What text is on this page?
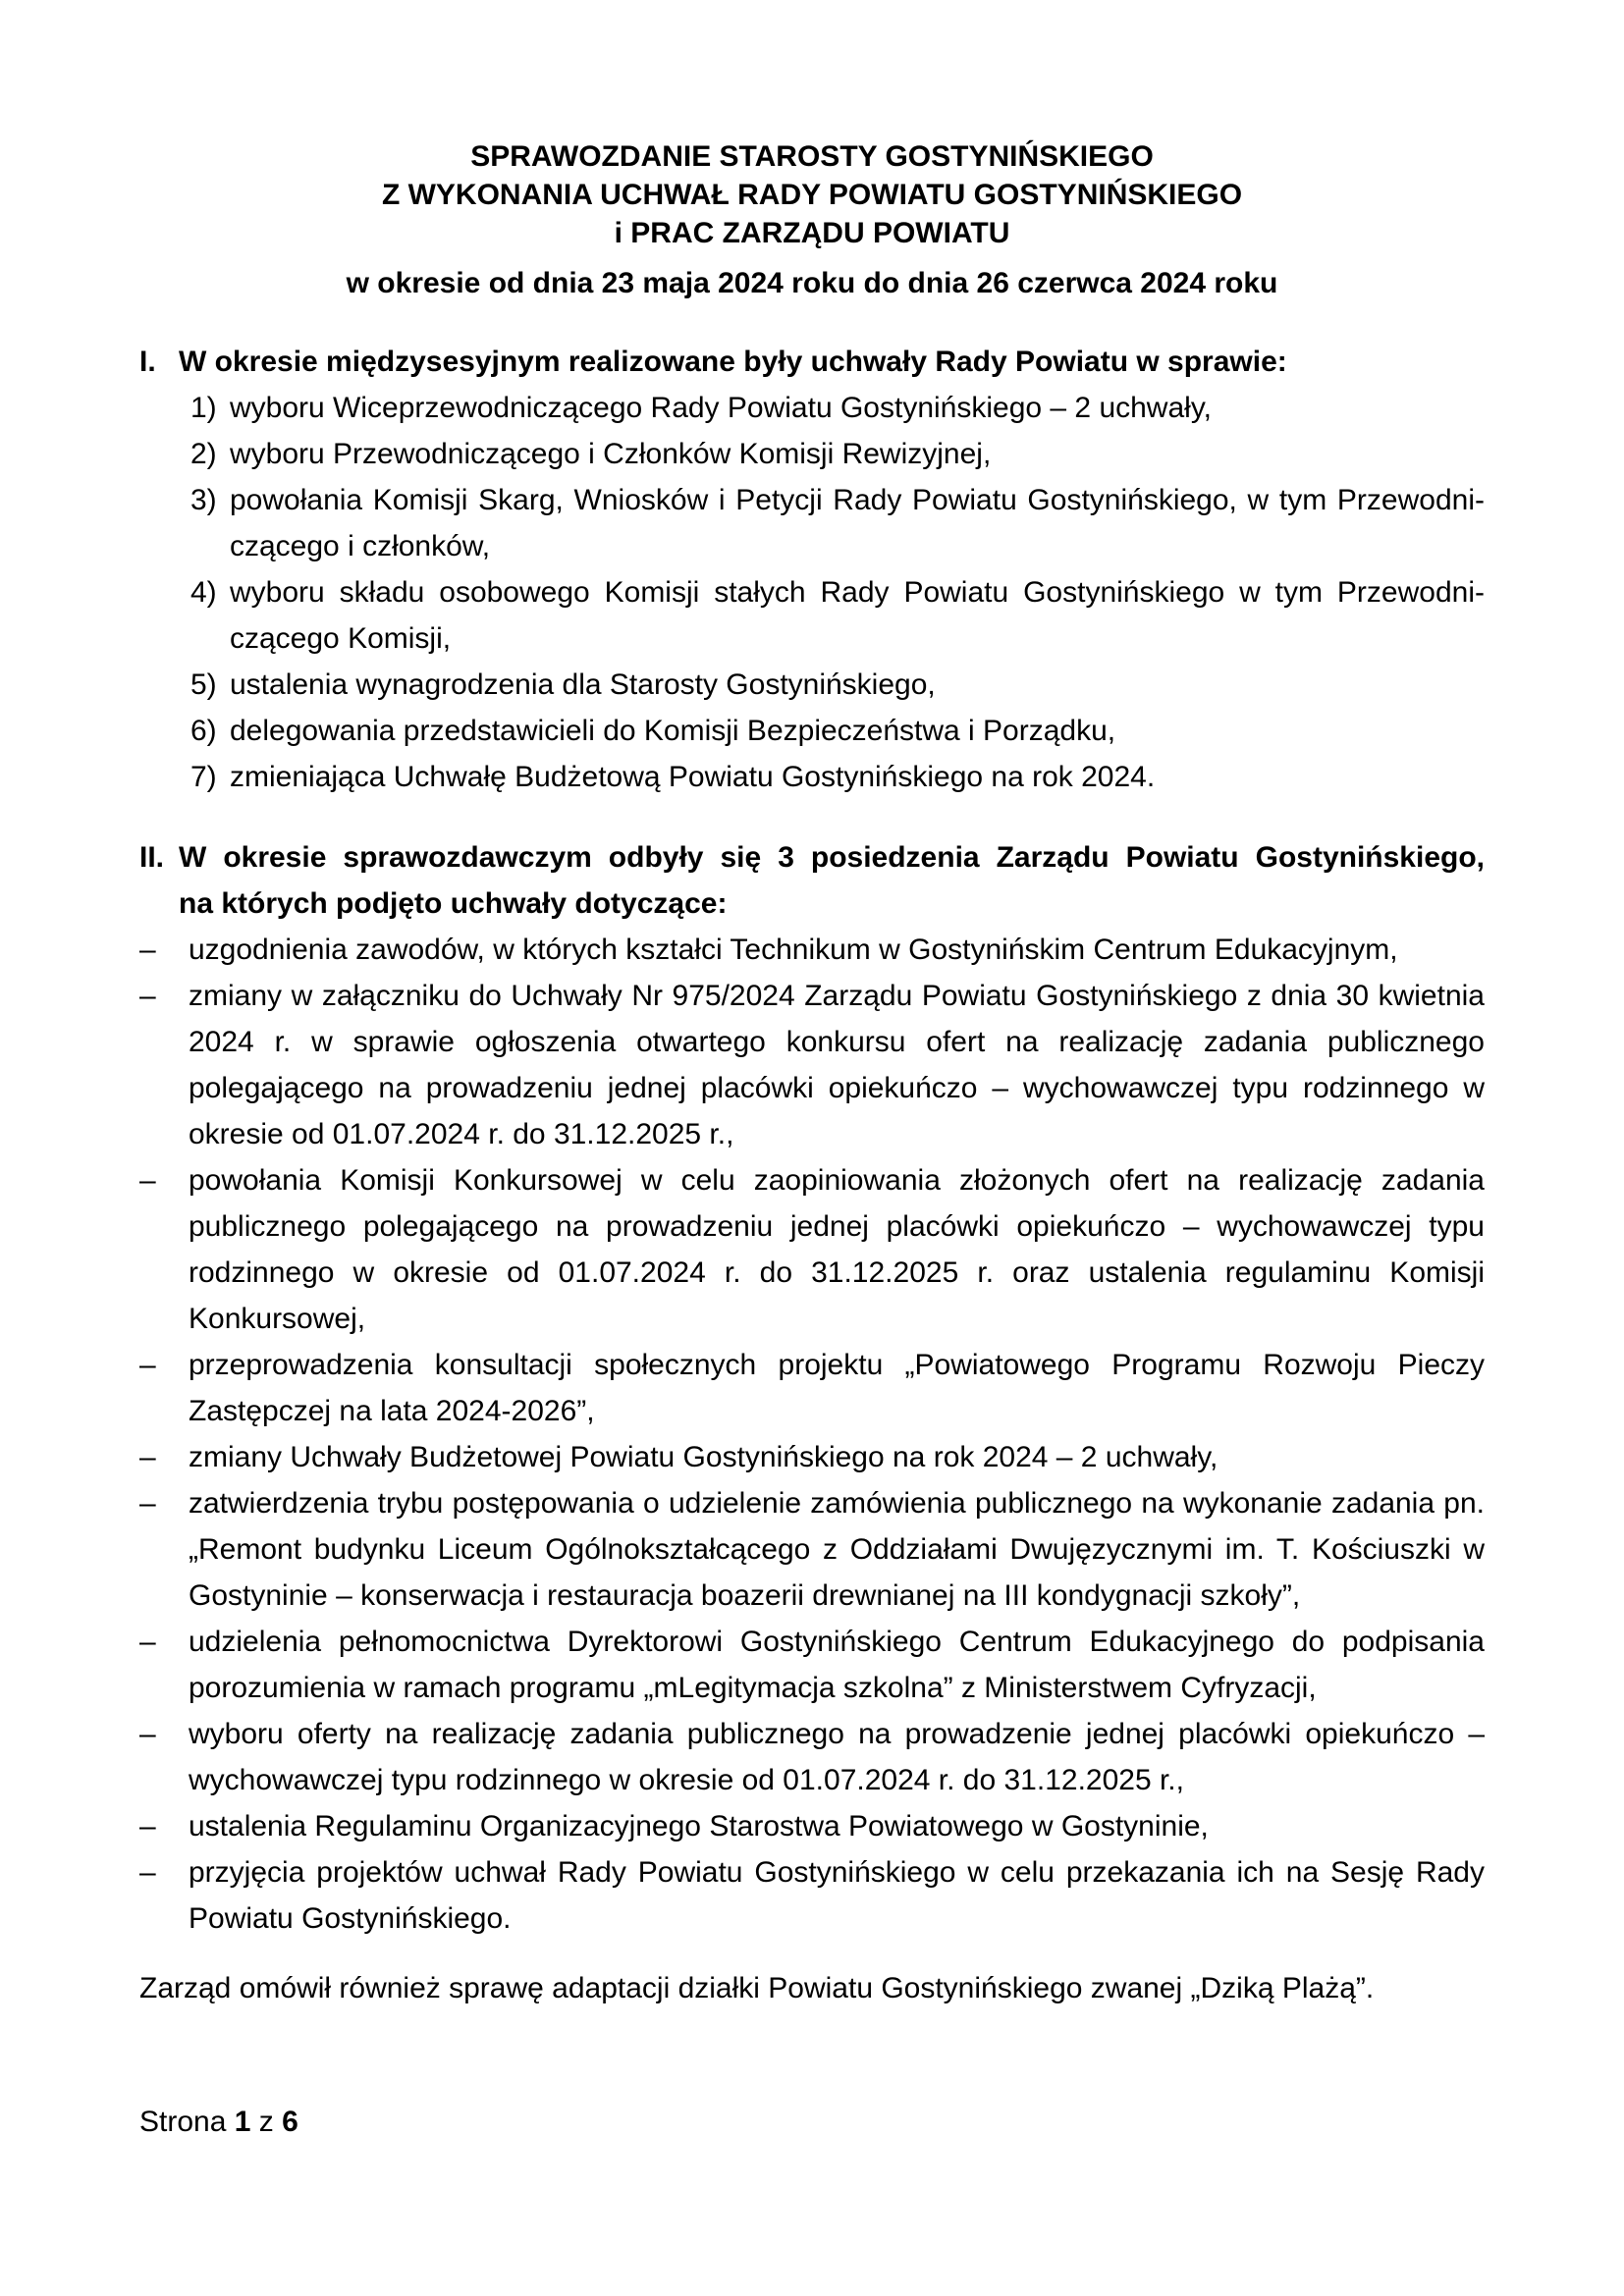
SPRAWOZDANIE STAROSTY GOSTYNIŃSKIEGO
Z WYKONANIA UCHWAŁ RADY POWIATU GOSTYNIŃSKIEGO
i PRAC ZARZĄDU POWIATU
w okresie od dnia 23 maja 2024 roku do dnia 26 czerwca 2024 roku
I. W okresie międzysesyjnym realizowane były uchwały Rady Powiatu w sprawie:
1) wyboru Wiceprzewodniczącego Rady Powiatu Gostynińskiego – 2 uchwały,
2) wyboru Przewodniczącego i Członków Komisji Rewizyjnej,
3) powołania Komisji Skarg, Wniosków i Petycji Rady Powiatu Gostynińskiego, w tym Przewodniczącego i członków,
4) wyboru składu osobowego Komisji stałych Rady Powiatu Gostynińskiego w tym Przewodniczącego Komisji,
5) ustalenia wynagrodzenia dla Starosty Gostynińskiego,
6) delegowania przedstawicieli do Komisji Bezpieczeństwa i Porządku,
7) zmieniająca Uchwałę Budżetową Powiatu Gostynińskiego na rok 2024.
II. W okresie sprawozdawczym odbyły się 3 posiedzenia Zarządu Powiatu Gostynińskiego,
na których podjęto uchwały dotyczące:
–	uzgodnienia zawodów, w których kształci Technikum w Gostynińskim Centrum Edukacyjnym,
–	zmiany w załączniku do Uchwały Nr 975/2024 Zarządu Powiatu Gostynińskiego z dnia 30 kwietnia 2024 r. w sprawie ogłoszenia otwartego konkursu ofert na realizację zadania publicznego polegającego na prowadzeniu jednej placówki opiekuńczo – wychowawczej typu rodzinnego w okresie od 01.07.2024 r. do 31.12.2025 r.,
–	powołania Komisji Konkursowej w celu zaopiniowania złożonych ofert na realizację zadania publicznego polegającego na prowadzeniu jednej placówki opiekuńczo – wychowawczej typu rodzinnego w okresie od 01.07.2024 r. do 31.12.2025 r. oraz ustalenia regulaminu Komisji Konkursowej,
–	przeprowadzenia konsultacji społecznych projektu „Powiatowego Programu Rozwoju Pieczy Zastępczej na lata 2024-2026”,
–	zmiany Uchwały Budżetowej Powiatu Gostynińskiego na rok 2024 – 2 uchwały,
–	zatwierdzenia trybu postępowania o udzielenie zamówienia publicznego na wykonanie zadania pn. „Remont budynku Liceum Ogólnokształcącego z Oddziałami Dwujęzycznymi im. T. Kościuszki w Gostyninie – konserwacja i restauracja boazerii drewnianej na III kondygnacji szkoły”,
–	udzielenia pełnomocnictwa Dyrektorowi Gostynińskiego Centrum Edukacyjnego do podpisania porozumienia w ramach programu „mLegitymacja szkolna” z Ministerstwem Cyfryzacji,
–	wyboru oferty na realizację zadania publicznego na prowadzenie jednej placówki opiekuńczo – wychowawczej typu rodzinnego w okresie od 01.07.2024 r. do 31.12.2025 r.,
–	ustalenia Regulaminu Organizacyjnego Starostwa Powiatowego w Gostyninie,
–	przyjęcia projektów uchwał Rady Powiatu Gostynińskiego w celu przekazania ich na Sesję Rady Powiatu Gostynińskiego.
Zarząd omówił również sprawę adaptacji działki Powiatu Gostynińskiego zwanej „Dziką Plażą”.
Strona 1 z 6
